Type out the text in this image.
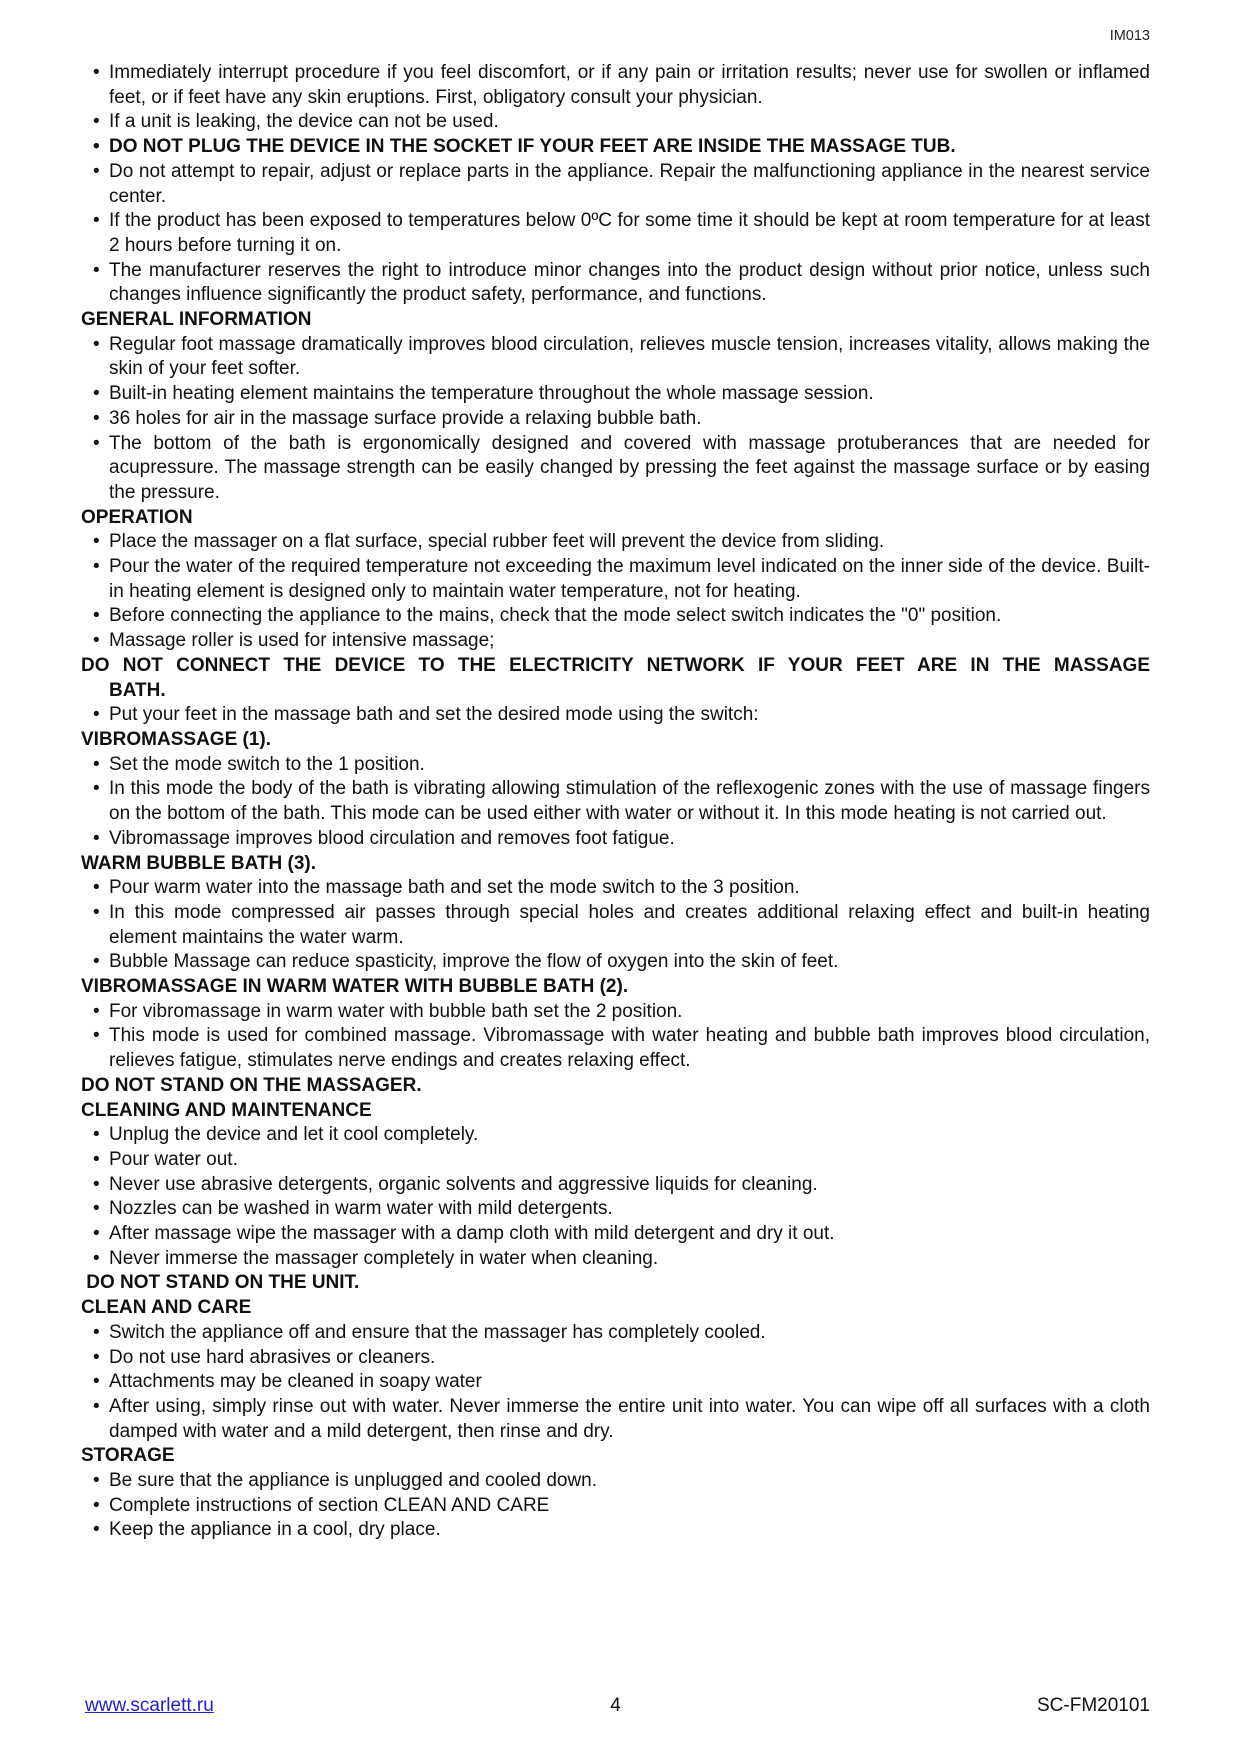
IM013
• Immediately interrupt procedure if you feel discomfort, or if any pain or irritation results; never use for swollen or inflamed feet, or if feet have any skin eruptions. First, obligatory consult your physician.
• If a unit is leaking, the device can not be used.
• DO NOT PLUG THE DEVICE IN THE SOCKET IF YOUR FEET ARE INSIDE THE MASSAGE TUB.
• Do not attempt to repair, adjust or replace parts in the appliance. Repair the malfunctioning appliance in the nearest service center.
• If the product has been exposed to temperatures below 0ºC for some time it should be kept at room temperature for at least 2 hours before turning it on.
• The manufacturer reserves the right to introduce minor changes into the product design without prior notice, unless such changes influence significantly the product safety, performance, and functions.
GENERAL INFORMATION
• Regular foot massage dramatically improves blood circulation, relieves muscle tension, increases vitality, allows making the skin of your feet softer.
• Built-in heating element maintains the temperature throughout the whole massage session.
• 36 holes for air in the massage surface provide a relaxing bubble bath.
• The bottom of the bath is ergonomically designed and covered with massage protuberances that are needed for acupressure. The massage strength can be easily changed by pressing the feet against the massage surface or by easing the pressure.
OPERATION
• Place the massager on a flat surface, special rubber feet will prevent the device from sliding.
• Pour the water of the required temperature not exceeding the maximum level indicated on the inner side of the device. Built-in heating element is designed only to maintain water temperature, not for heating.
• Before connecting the appliance to the mains, check that the mode select switch indicates the "0" position.
• Massage roller is used for intensive massage;
DO NOT CONNECT THE DEVICE TO THE ELECTRICITY NETWORK IF YOUR FEET ARE IN THE MASSAGE BATH.
• Put your feet in the massage bath and set the desired mode using the switch:
VIBROMASSAGE (1).
• Set the mode switch to the 1 position.
• In this mode the body of the bath is vibrating allowing stimulation of the reflexogenic zones with the use of massage fingers on the bottom of the bath. This mode can be used either with water or without it. In this mode heating is not carried out.
• Vibromassage improves blood circulation and removes foot fatigue.
WARM BUBBLE BATH (3).
• Pour warm water into the massage bath and set the mode switch to the 3 position.
• In this mode compressed air passes through special holes and creates additional relaxing effect and built-in heating element maintains the water warm.
• Bubble Massage can reduce spasticity, improve the flow of oxygen into the skin of feet.
VIBROMASSAGE IN WARM WATER WITH BUBBLE BATH (2).
• For vibromassage in warm water with bubble bath set the 2 position.
• This mode is used for combined massage. Vibromassage with water heating and bubble bath improves blood circulation, relieves fatigue, stimulates nerve endings and creates relaxing effect.
DO NOT STAND ON THE MASSAGER.
CLEANING AND MAINTENANCE
• Unplug the device and let it cool completely.
• Pour water out.
• Never use abrasive detergents, organic solvents and aggressive liquids for cleaning.
• Nozzles can be washed in warm water with mild detergents.
• After massage wipe the massager with a damp cloth with mild detergent and dry it out.
• Never immerse the massager completely in water when cleaning.
DO NOT STAND ON THE UNIT.
CLEAN AND CARE
• Switch the appliance off and ensure that the massager has completely cooled.
• Do not use hard abrasives or cleaners.
• Attachments may be cleaned in soapy water
• After using, simply rinse out with water. Never immerse the entire unit into water. You can wipe off all surfaces with a cloth damped with water and a mild detergent, then rinse and dry.
STORAGE
• Be sure that the appliance is unplugged and cooled down.
• Complete instructions of section CLEAN AND CARE
• Keep the appliance in a cool, dry place.
www.scarlett.ru	4	SC-FM20101
